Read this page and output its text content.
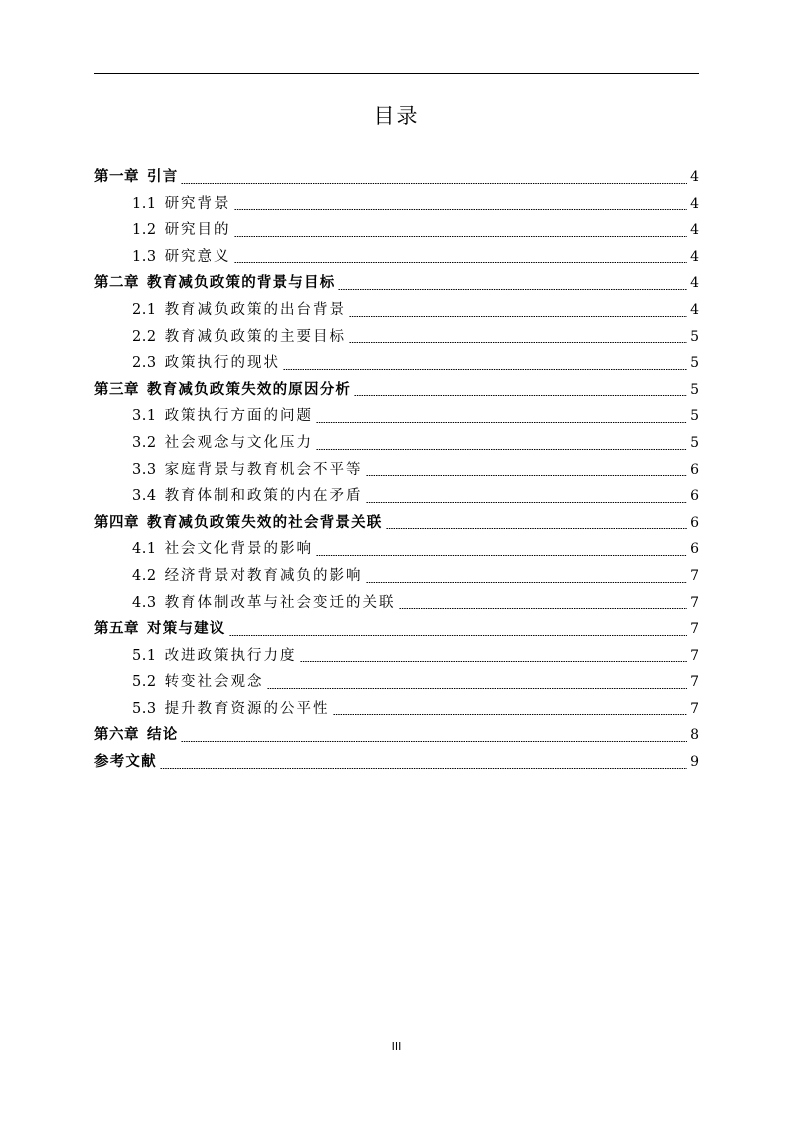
目录
第一章 引言	4
1.1 研究背景	4
1.2 研究目的	4
1.3 研究意义	4
第二章 教育减负政策的背景与目标	4
2.1 教育减负政策的出台背景	4
2.2 教育减负政策的主要目标	5
2.3 政策执行的现状	5
第三章 教育减负政策失效的原因分析	5
3.1 政策执行方面的问题	5
3.2 社会观念与文化压力	5
3.3 家庭背景与教育机会不平等	6
3.4 教育体制和政策的内在矛盾	6
第四章 教育减负政策失效的社会背景关联	6
4.1 社会文化背景的影响	6
4.2 经济背景对教育减负的影响	7
4.3 教育体制改革与社会变迁的关联	7
第五章 对策与建议	7
5.1 改进政策执行力度	7
5.2 转变社会观念	7
5.3 提升教育资源的公平性	7
第六章 结论	8
参考文献	9
III
